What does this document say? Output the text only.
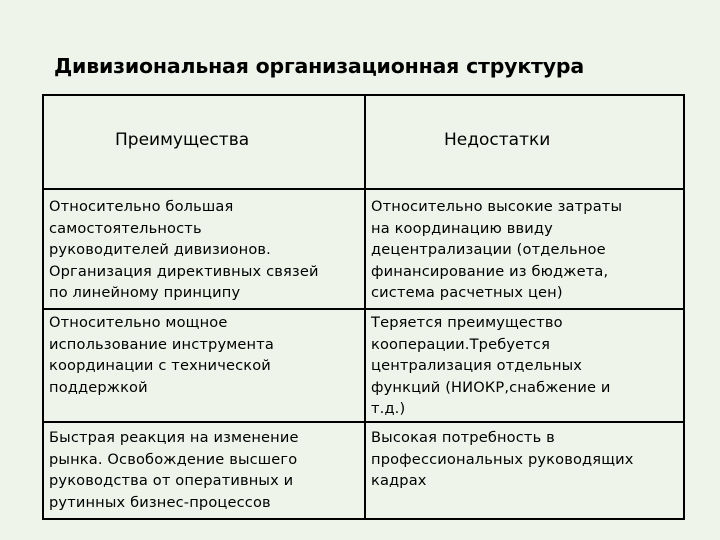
Дивизиональная организационная структура
Преимущества	Недостатки
Относительно большая
самостоятельность
руководителей дивизионов.
Организация директивных связей
по линейному принципу
Относительно высокие затраты
на координацию ввиду
децентрализации (отдельное
финансирование из бюджета,
система расчетных цен)
Относительно мощное
использование инструмента
координации с технической
поддержкой
Теряется преимущество
кооперации.Требуется
централизация отдельных
функций (НИОКР,снабжение и
т.д.)
Быстрая реакция на изменение
рынка. Освобождение высшего
руководства от оперативных и
рутинных бизнес-процессов
Высокая потребность в
профессиональных руководящих
кадрах
